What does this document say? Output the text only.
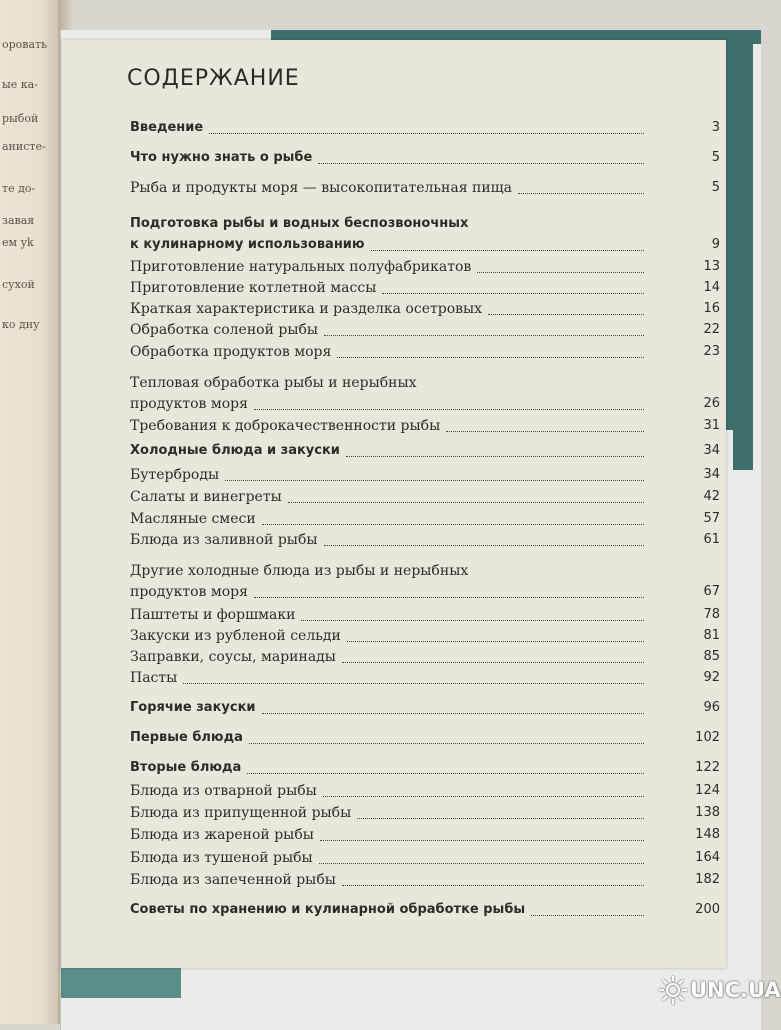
оровать
ые ка-
рыбой
анисте-
те до-
завая
ем уk
сухой
ко дну
СОДЕРЖАНИЕ
Введение	3
Что нужно знать о рыбе	5
Рыба и продукты моря — высокопитательная пища	5
Подготовка рыбы и водных беспозвоночных
к кулинарному использованию	9
Приготовление натуральных полуфабрикатов	13
Приготовление котлетной массы	14
Краткая характеристика и разделка осетровых	16
Обработка соленой рыбы	22
Обработка продуктов моря	23
Тепловая обработка рыбы и нерыбных
продуктов моря	26
Требования к доброкачественности рыбы	31
Холодные блюда и закуски	34
Бутерброды	34
Салаты и винегреты	42
Масляные смеси	57
Блюда из заливной рыбы	61
Другие холодные блюда из рыбы и нерыбных
продуктов моря	67
Паштеты и форшмаки	78
Закуски из рубленой сельди	81
Заправки, соусы, маринады	85
Пасты	92
Горячие закуски	96
Первые блюда	102
Вторые блюда	122
Блюда из отварной рыбы	124
Блюда из припущенной рыбы	138
Блюда из жареной рыбы	148
Блюда из тушеной рыбы	164
Блюда из запеченной рыбы	182
Советы по хранению и кулинарной обработке рыбы	200
UNC.UA
